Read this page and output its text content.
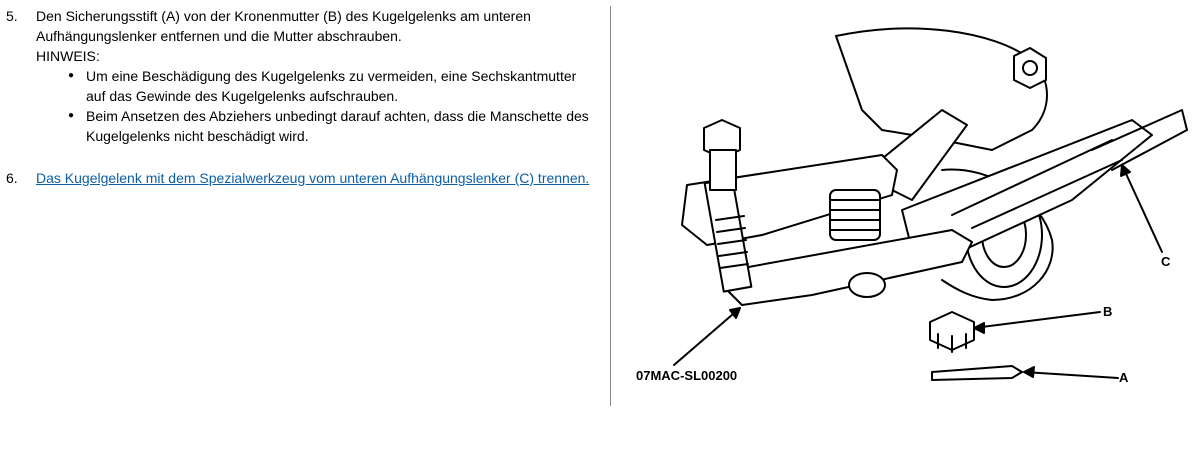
5.	Den Sicherungsstift (A) von der Kronenmutter (B) des Kugelgelenks am unteren Aufhängungslenker entfernen und die Mutter abschrauben.
HINWEIS:
● Um eine Beschädigung des Kugelgelenks zu vermeiden, eine Sechskantmutter auf das Gewinde des Kugelgelenks aufschrauben.
● Beim Ansetzen des Abziehers unbedingt darauf achten, dass die Manschette des Kugelgelenks nicht beschädigt wird.
6.	Das Kugelgelenk mit dem Spezialwerkzeug vom unteren Aufhängungslenker (C) trennen.
07MAC-SL00200
B
A
C
